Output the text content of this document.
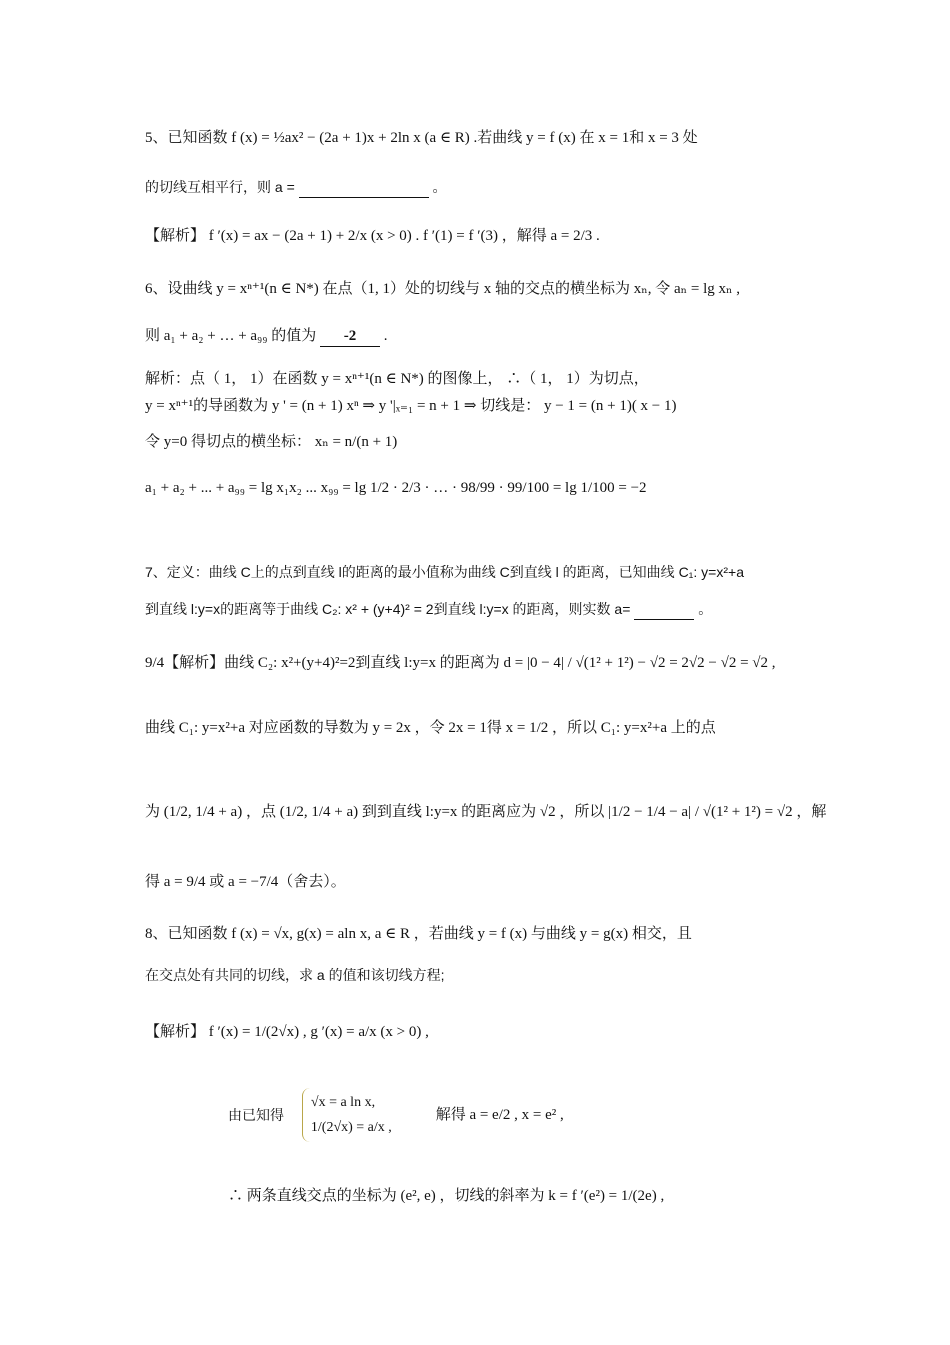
5、已知函数 f (x) = ½ax² − (2a + 1)x + 2ln x (a ∈ R) .若曲线 y = f (x) 在 x = 1和 x = 3 处
的切线互相平行，则 a =	。
【解析】 f ′(x) = ax − (2a + 1) + 2/x (x > 0) . f ′(1) = f ′(3) ，解得 a = 2/3 .
6、设曲线 y = xⁿ⁺¹(n ∈ N*) 在点（1, 1）处的切线与 x 轴的交点的横坐标为 xₙ, 令 aₙ = lg xₙ ,
则 a₁ + a₂ + … + a₉₉ 的值为 -2 .
解析：点（ 1， 1）在函数 y = xⁿ⁺¹(n ∈ N*) 的图像上， ∴（ 1， 1）为切点，
y = xⁿ⁺¹的导函数为 y ' = (n + 1) xⁿ ⇒ y '|ₓ₌₁ = n + 1 ⇒ 切线是： y − 1 = (n + 1)( x − 1)
令 y=0 得切点的横坐标： xₙ = n/(n + 1)
a₁ + a₂ + ... + a₉₉ = lg x₁x₂ ... x₉₉ = lg 1/2 · 2/3 · … · 98/99 · 99/100 = lg 1/100 = −2
7、定义：曲线 C上的点到直线 l的距离的最小值称为曲线 C到直线 l 的距离，已知曲线 C₁: y=x²+a
到直线 l:y=x的距离等于曲线 C₂: x² + (y+4)² = 2到直线 l:y=x 的距离，则实数 a=	。
9/4【解析】曲线 C₂: x²+(y+4)²=2到直线 l:y=x 的距离为 d = |0 − 4| / √(1² + 1²) − √2 = 2√2 − √2 = √2 ,
曲线 C₁: y=x²+a 对应函数的导数为 y = 2x ，令 2x = 1得 x = 1/2 ，所以 C₁: y=x²+a 上的点
为 (1/2, 1/4 + a) ，点 (1/2, 1/4 + a) 到到直线 l:y=x 的距离应为 √2 ，所以 |1/2 − 1/4 − a| / √(1² + 1²) = √2 ，解
得 a = 9/4 或 a = −7/4（舍去）。
8、已知函数 f (x) = √x, g(x) = aln x, a ∈ R ，若曲线 y = f (x) 与曲线 y = g(x) 相交，且
在交点处有共同的切线，求 a 的值和该切线方程;
【解析】 f ′(x) = 1/(2√x) , g ′(x) = a/x (x > 0) ,
由已知得
√x = a ln x,
1/(2√x) = a/x ,
解得 a = e/2 , x = e² ,
∴ 两条直线交点的坐标为 (e², e) ，切线的斜率为 k = f ′(e²) = 1/(2e) ,
